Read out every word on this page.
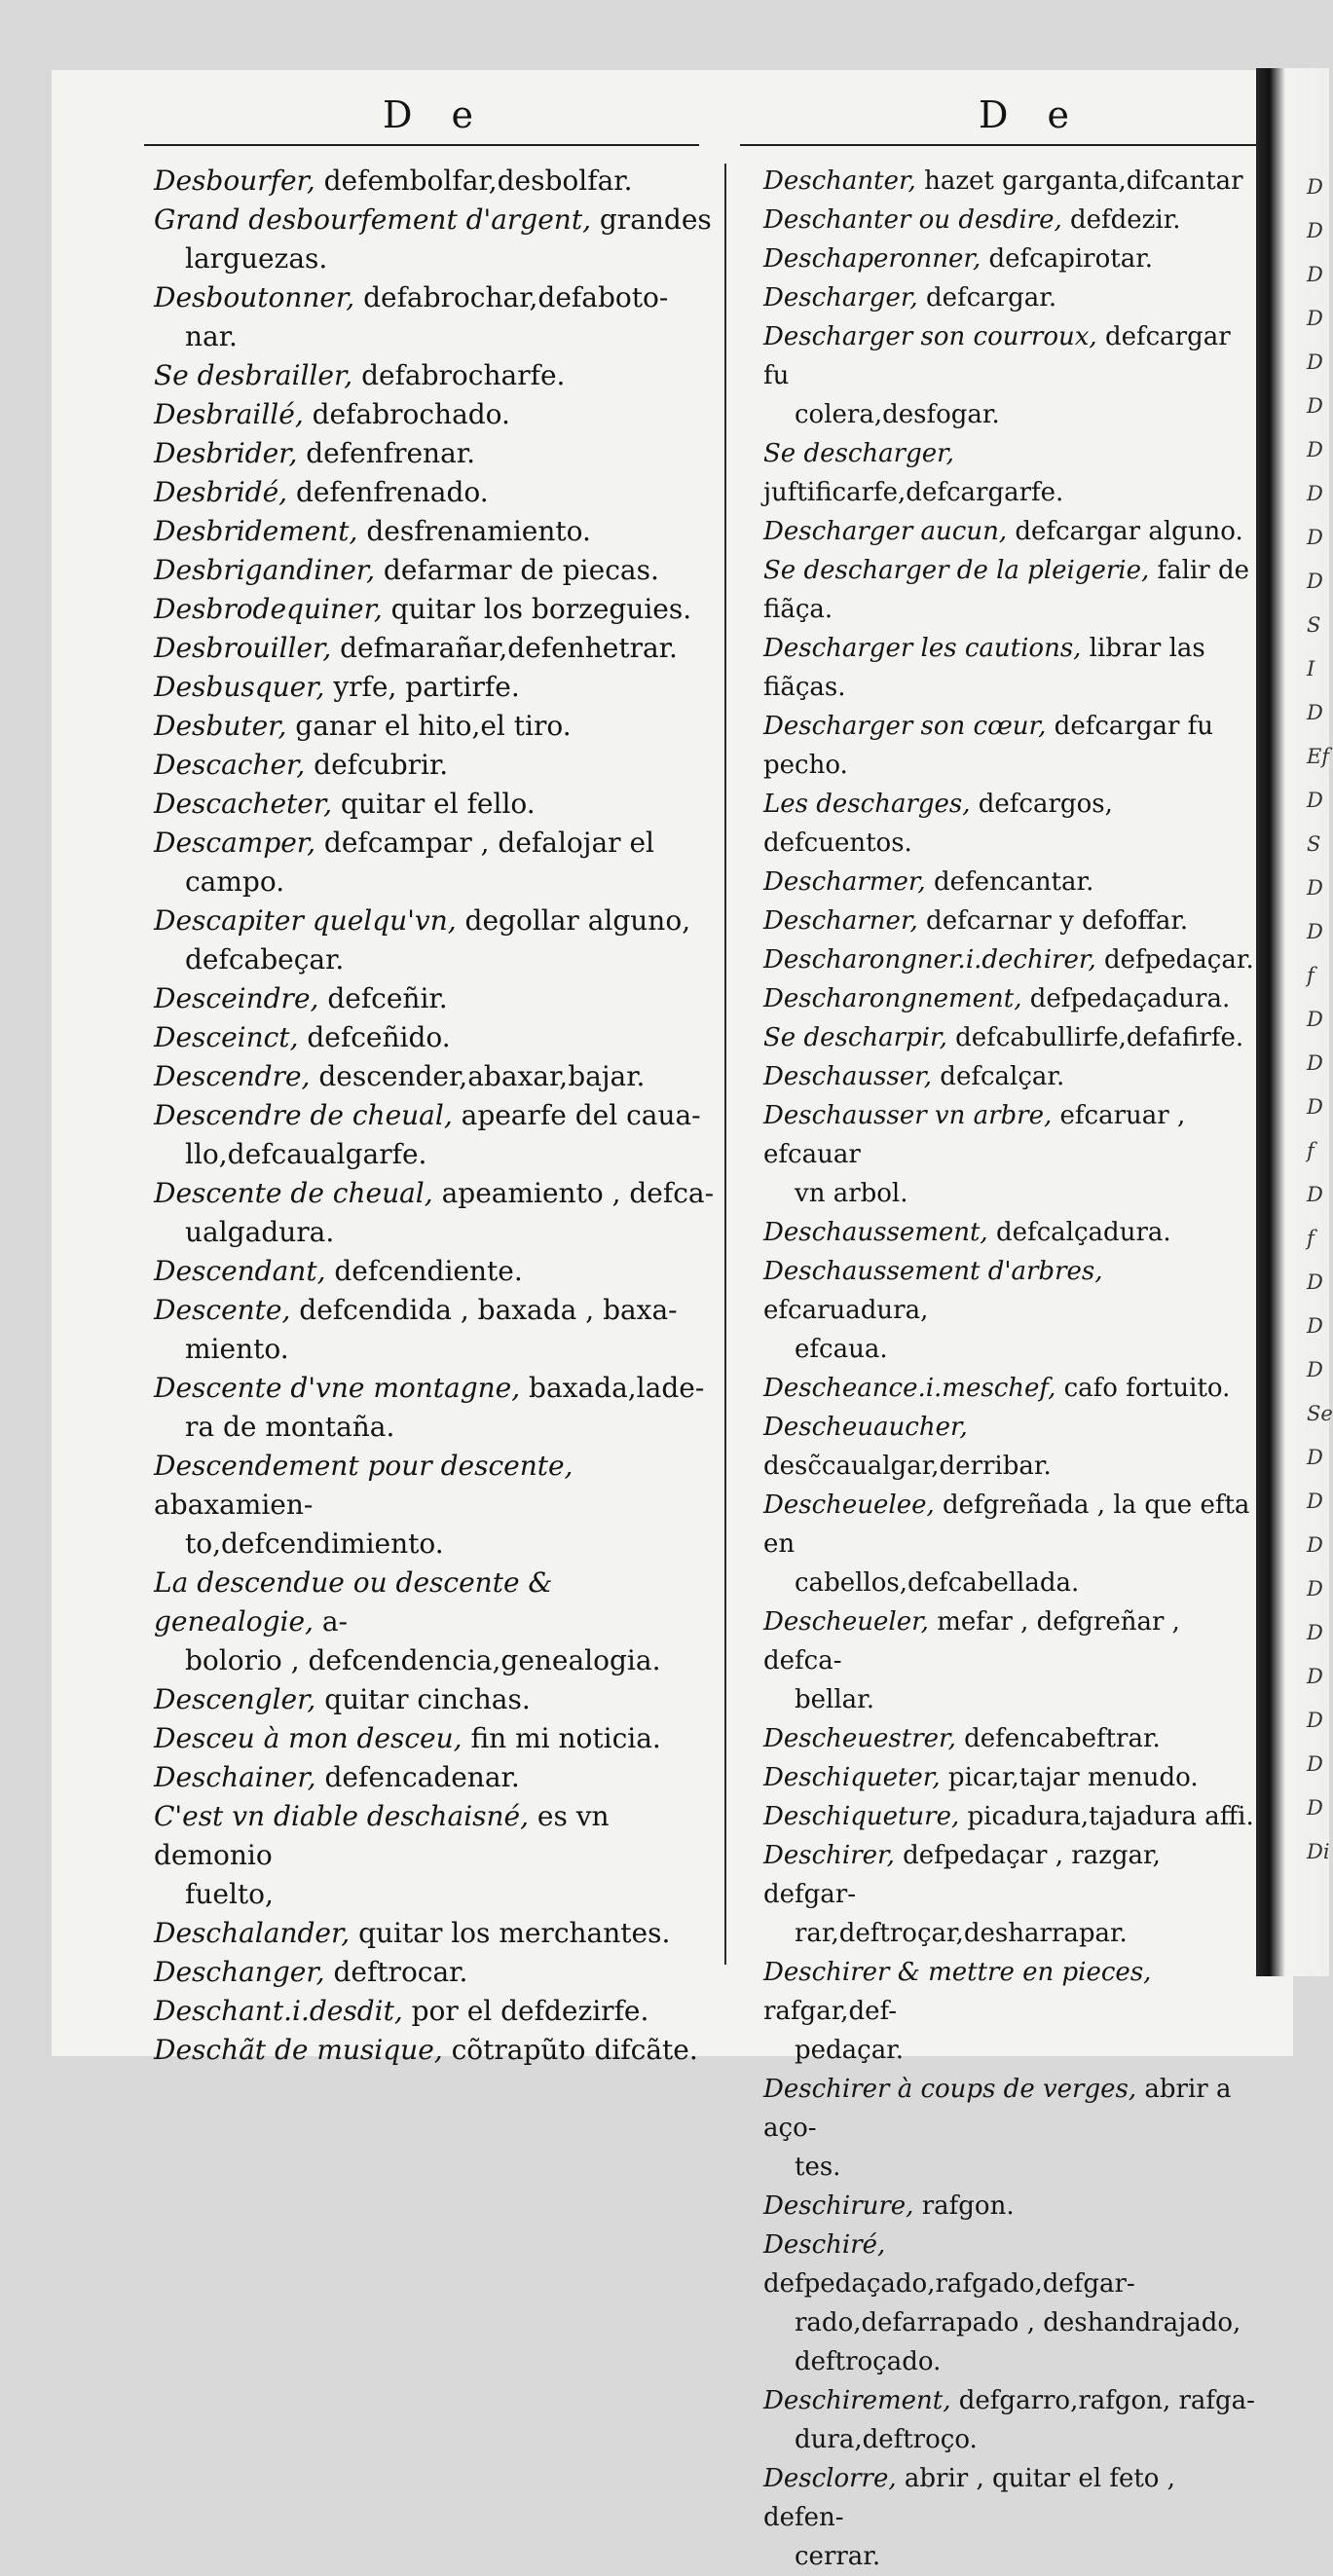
D
D
D
D
D
D
D
D
D
D
S
I
D
Ef
D
S
D
D
f
D
D
D
f
D
f
D
D
D
Se
D
D
D
D
D
D
D
D
D
Di
D e	D e
Desbourfer, defembolfar,desbolfar.
Grand desbourfement d'argent, grandes
larguezas.
Desboutonner, defabrochar,defaboto-
nar.
Se desbrailler, defabrocharfe.
Desbraillé, defabrochado.
Desbrider, defenfrenar.
Desbridé, defenfrenado.
Desbridement, desfrenamiento.
Desbrigandiner, defarmar de piecas.
Desbrodequiner, quitar los borzeguies.
Desbrouiller, defmarañar,defenhetrar.
Desbusquer, yrfe, partirfe.
Desbuter, ganar el hito,el tiro.
Descacher, defcubrir.
Descacheter, quitar el fello.
Descamper, defcampar , defalojar el
campo.
Descapiter quelqu'vn, degollar alguno,
defcabeçar.
Desceindre, defceñir.
Desceinct, defceñido.
Descendre, descender,abaxar,bajar.
Descendre de cheual, apearfe del caua-
llo,defcaualgarfe.
Descente de cheual, apeamiento , defca-
ualgadura.
Descendant, defcendiente.
Descente, defcendida , baxada , baxa-
miento.
Descente d'vne montagne, baxada,lade-
ra de montaña.
Descendement pour descente, abaxamien-
to,defcendimiento.
La descendue ou descente & genealogie, a-
bolorio , defcendencia,genealogia.
Descengler, quitar cinchas.
Desceu à mon desceu, fin mi noticia.
Deschainer, defencadenar.
C'est vn diable deschaisné, es vn demonio
fuelto,
Deschalander, quitar los merchantes.
Deschanger, deftrocar.
Deschant.i.desdit, por el defdezirfe.
Deschãt de musique, cõtrapũto difcãte.
Deschanter, hazet garganta,difcantar
Deschanter ou desdire, defdezir.
Deschaperonner, defcapirotar.
Descharger, defcargar.
Descharger son courroux, defcargar fu
colera,desfogar.
Se descharger, juftificarfe,defcargarfe.
Descharger aucun, defcargar alguno.
Se descharger de la pleigerie, falir de fiãça.
Descharger les cautions, librar las fiãças.
Descharger son cœur, defcargar fu pecho.
Les descharges, defcargos, defcuentos.
Descharmer, defencantar.
Descharner, defcarnar y defoffar.
Descharongner.i.dechirer, defpedaçar.
Descharongnement, defpedaçadura.
Se descharpir, defcabullirfe,defafirfe.
Deschausser, defcalçar.
Deschausser vn arbre, efcaruar , efcauar
vn arbol.
Deschaussement, defcalçadura.
Deschaussement d'arbres, efcaruadura,
efcaua.
Descheance.i.meschef, cafo fortuito.
Descheuaucher, desc̃caualgar,derribar.
Descheuelee, defgreñada , la que efta en
cabellos,defcabellada.
Descheueler, mefar , defgreñar , defca-
bellar.
Descheuestrer, defencabeftrar.
Deschiqueter, picar,tajar menudo.
Deschiqueture, picadura,tajadura affi.
Deschirer, defpedaçar , razgar, defgar-
rar,deftroçar,desharrapar.
Deschirer & mettre en pieces, rafgar,def-
pedaçar.
Deschirer à coups de verges, abrir a aço-
tes.
Deschirure, rafgon.
Deschiré, defpedaçado,rafgado,defgar-
rado,defarrapado , deshandrajado,
deftroçado.
Deschirement, defgarro,rafgon, rafga-
dura,deftroço.
Desclorre, abrir , quitar el feto , defen-
cerrar.
